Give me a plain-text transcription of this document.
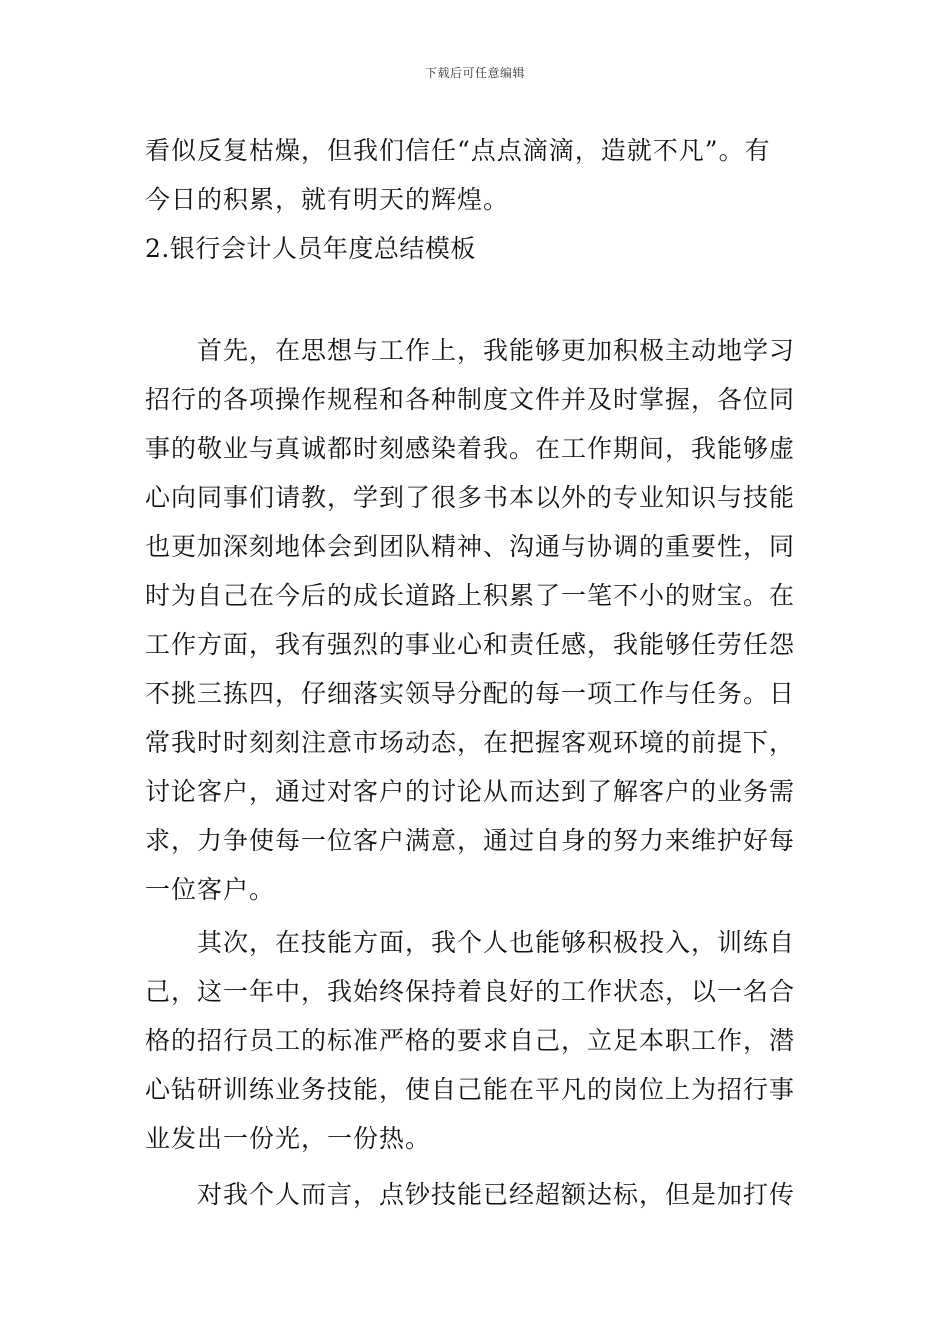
下载后可任意编辑
看似反复枯燥，但我们信任“点点滴滴，造就不凡”。有
今日的积累，就有明天的辉煌。
2.银行会计人员年度总结模板
　　首先，在思想与工作上，我能够更加积极主动地学习
招行的各项操作规程和各种制度文件并及时掌握，各位同
事的敬业与真诚都时刻感染着我。在工作期间，我能够虚
心向同事们请教，学到了很多书本以外的专业知识与技能
也更加深刻地体会到团队精神、沟通与协调的重要性，同
时为自己在今后的成长道路上积累了一笔不小的财宝。在
工作方面，我有强烈的事业心和责任感，我能够任劳任怨
不挑三拣四，仔细落实领导分配的每一项工作与任务。日
常我时时刻刻注意市场动态，在把握客观环境的前提下，
讨论客户，通过对客户的讨论从而达到了解客户的业务需
求，力争使每一位客户满意，通过自身的努力来维护好每
一位客户。
　　其次，在技能方面，我个人也能够积极投入，训练自
己，这一年中，我始终保持着良好的工作状态，以一名合
格的招行员工的标准严格的要求自己，立足本职工作，潜
心钻研训练业务技能，使自己能在平凡的岗位上为招行事
业发出一份光，一份热。
　　对我个人而言，点钞技能已经超额达标，但是加打传
